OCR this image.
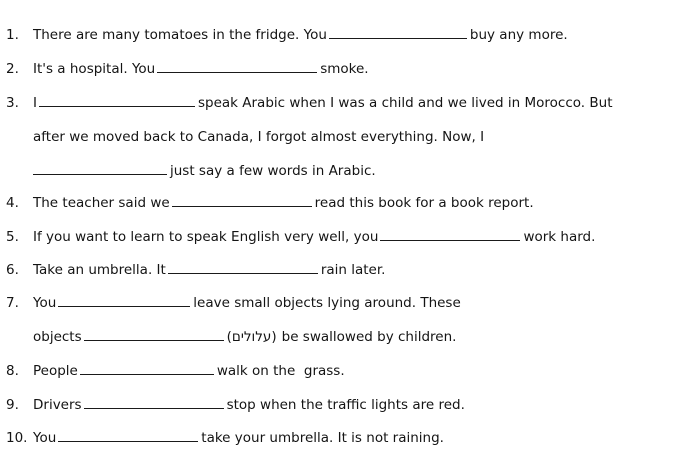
1. There are many tomatoes in the fridge. You	buy any more.
2. It's a hospital. You	smoke.
3. I	speak Arabic when I was a child and we lived in Morocco. But
after we moved back to Canada, I forgot almost everything. Now, I
just say a few words in Arabic.
4. The teacher said we	read this book for a book report.
5. If you want to learn to speak English very well, you	work hard.
6. Take an umbrella. It	rain later.
7. You	leave small objects lying around. These
objects	(עלולים) be swallowed by children.
8. People	walk on the  grass.
9. Drivers	stop when the traffic lights are red.
10. You	take your umbrella. It is not raining.
